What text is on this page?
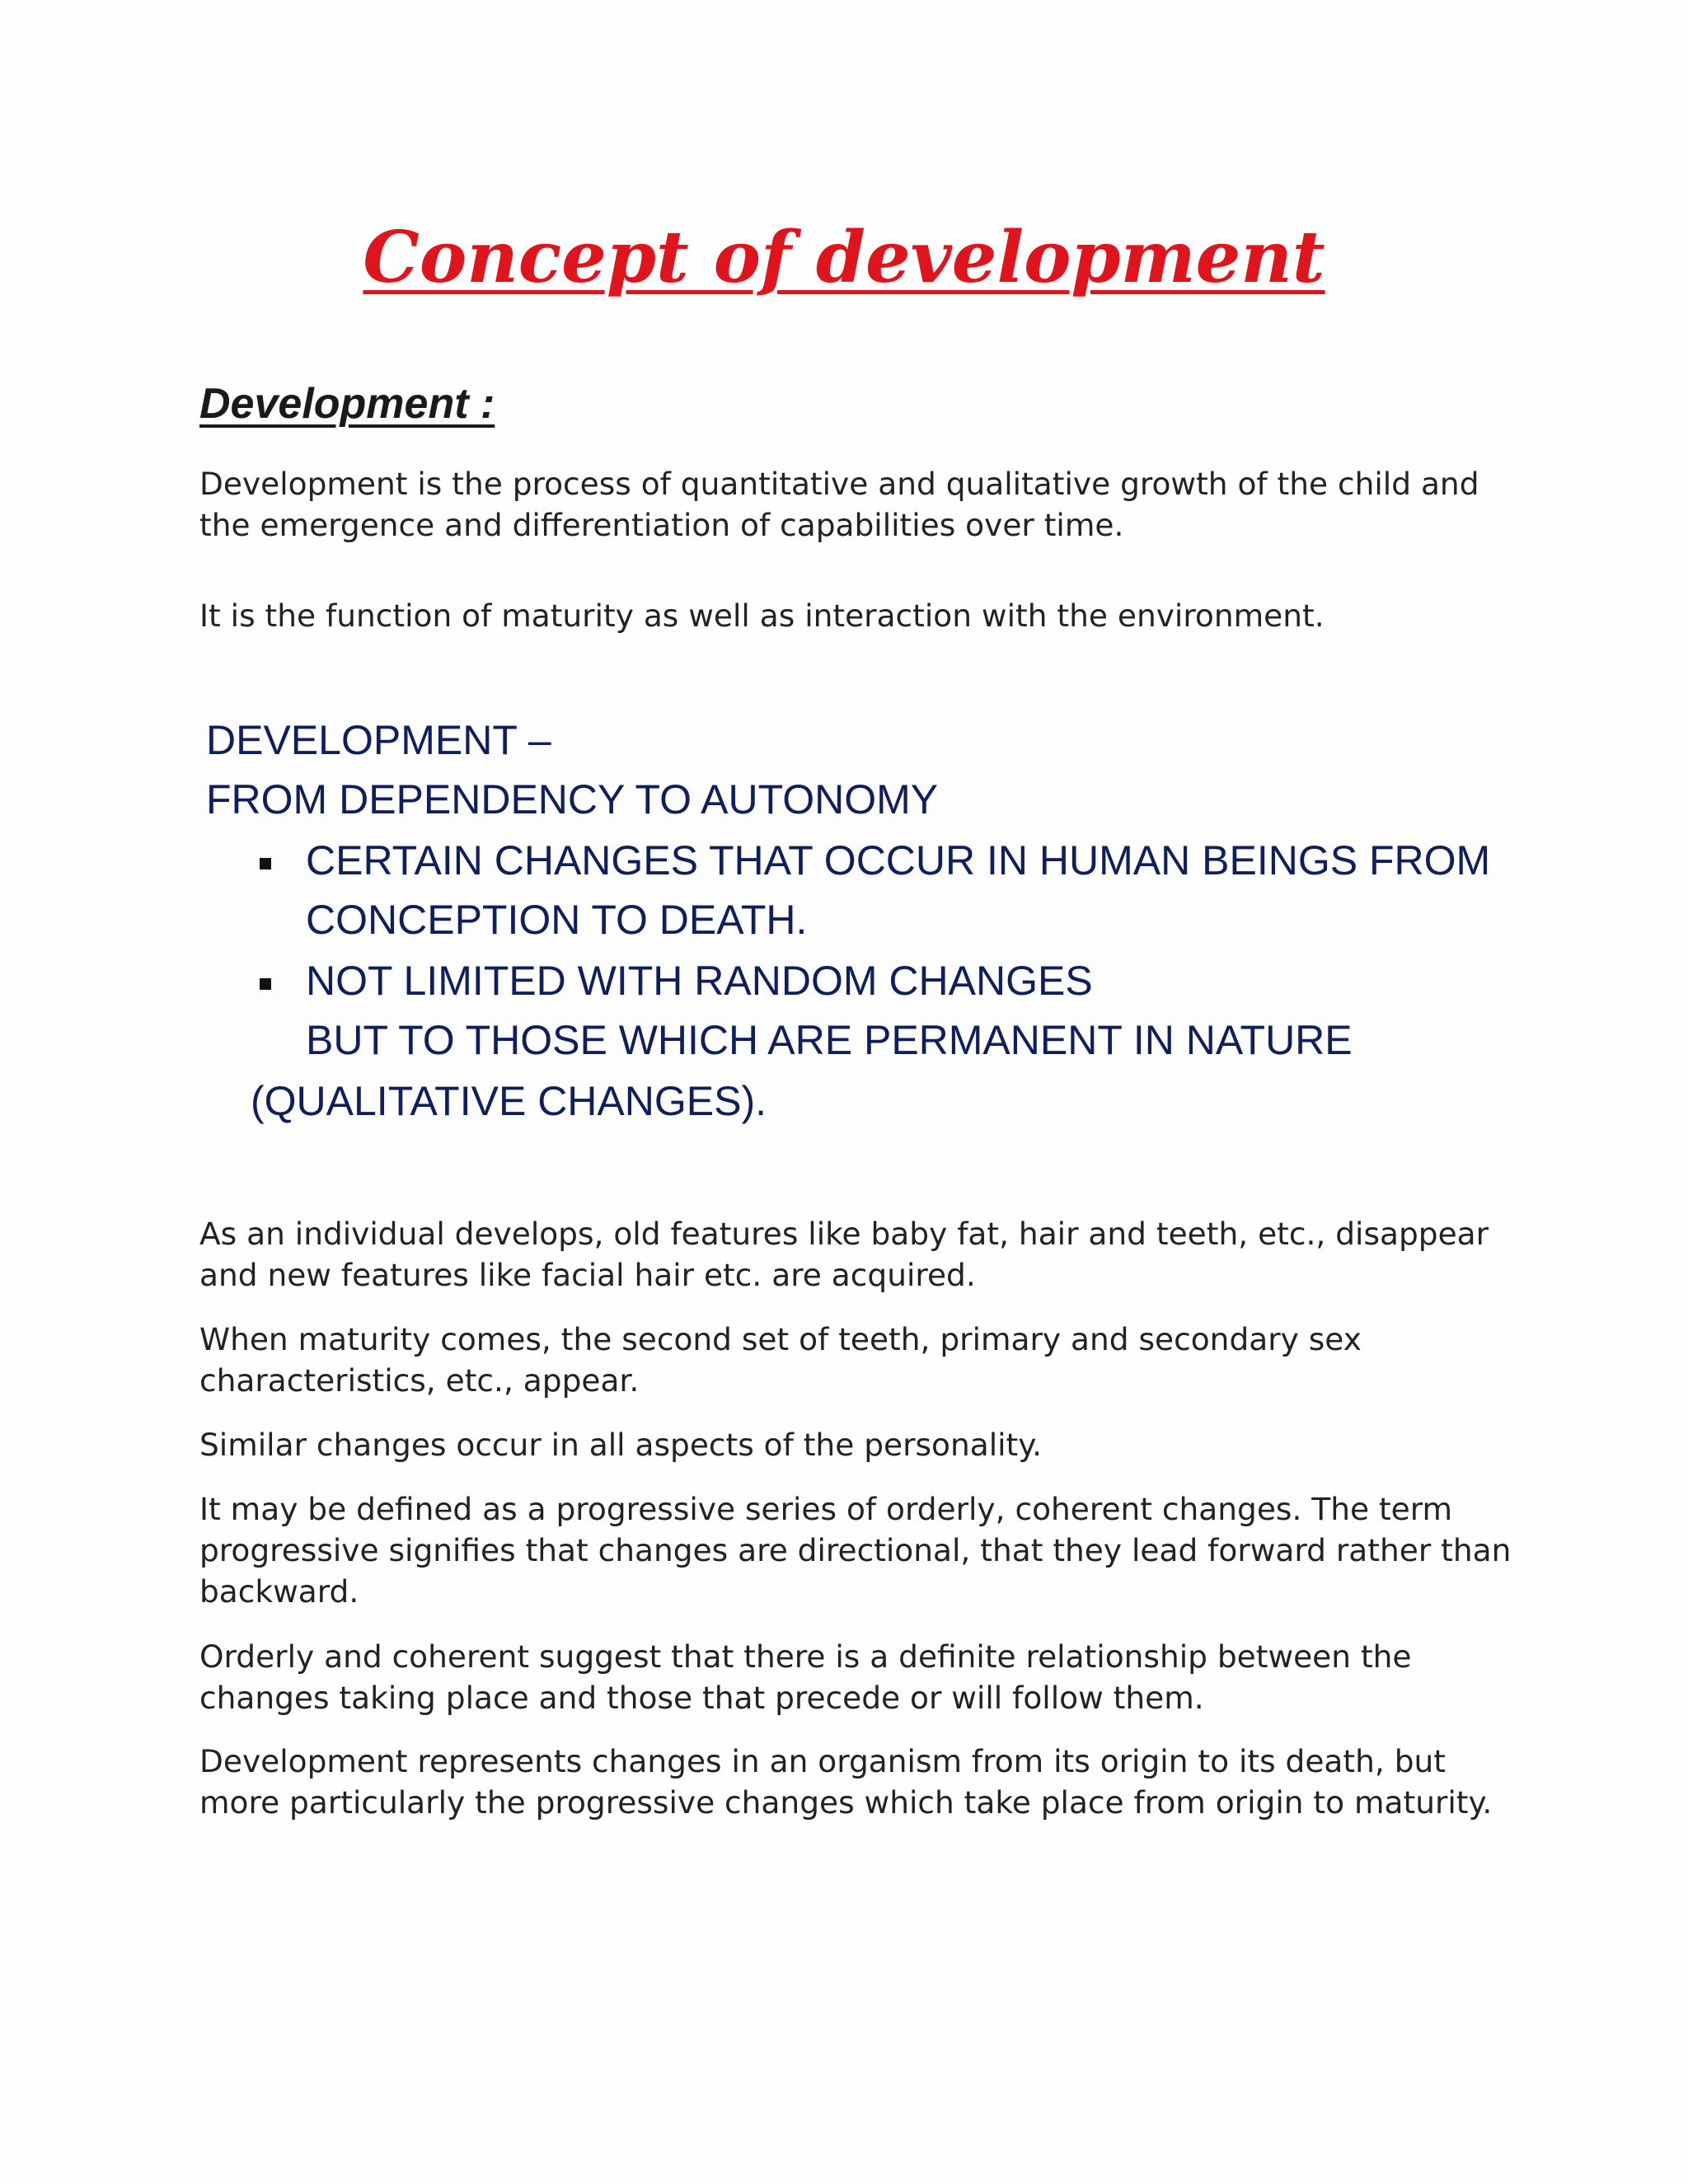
Concept of development
Development :

Development is the process of quantitative and qualitative growth of the child and the emergence and differentiation of capabilities over time.

It is the function of maturity as well as interaction with the environment.

DEVELOPMENT –

FROM DEPENDENCY TO AUTONOMY

CERTAIN CHANGES THAT OCCUR IN HUMAN BEINGS FROM

CONCEPTION TO DEATH.

NOT LIMITED WITH RANDOM CHANGES

BUT TO THOSE WHICH ARE PERMANENT IN NATURE

(QUALITATIVE CHANGES).

As an individual develops, old features like baby fat, hair and teeth, etc., disappear and new features like facial hair etc. are acquired.

When maturity comes, the second set of teeth, primary and secondary sex characteristics, etc., appear.

Similar changes occur in all aspects of the personality.

It may be defined as a progressive series of orderly, coherent changes. The term progressive signifies that changes are directional, that they lead forward rather than backward.

Orderly and coherent suggest that there is a definite relationship between the changes taking place and those that precede or will follow them.

Development represents changes in an organism from its origin to its death, but more particularly the progressive changes which take place from origin to maturity.
